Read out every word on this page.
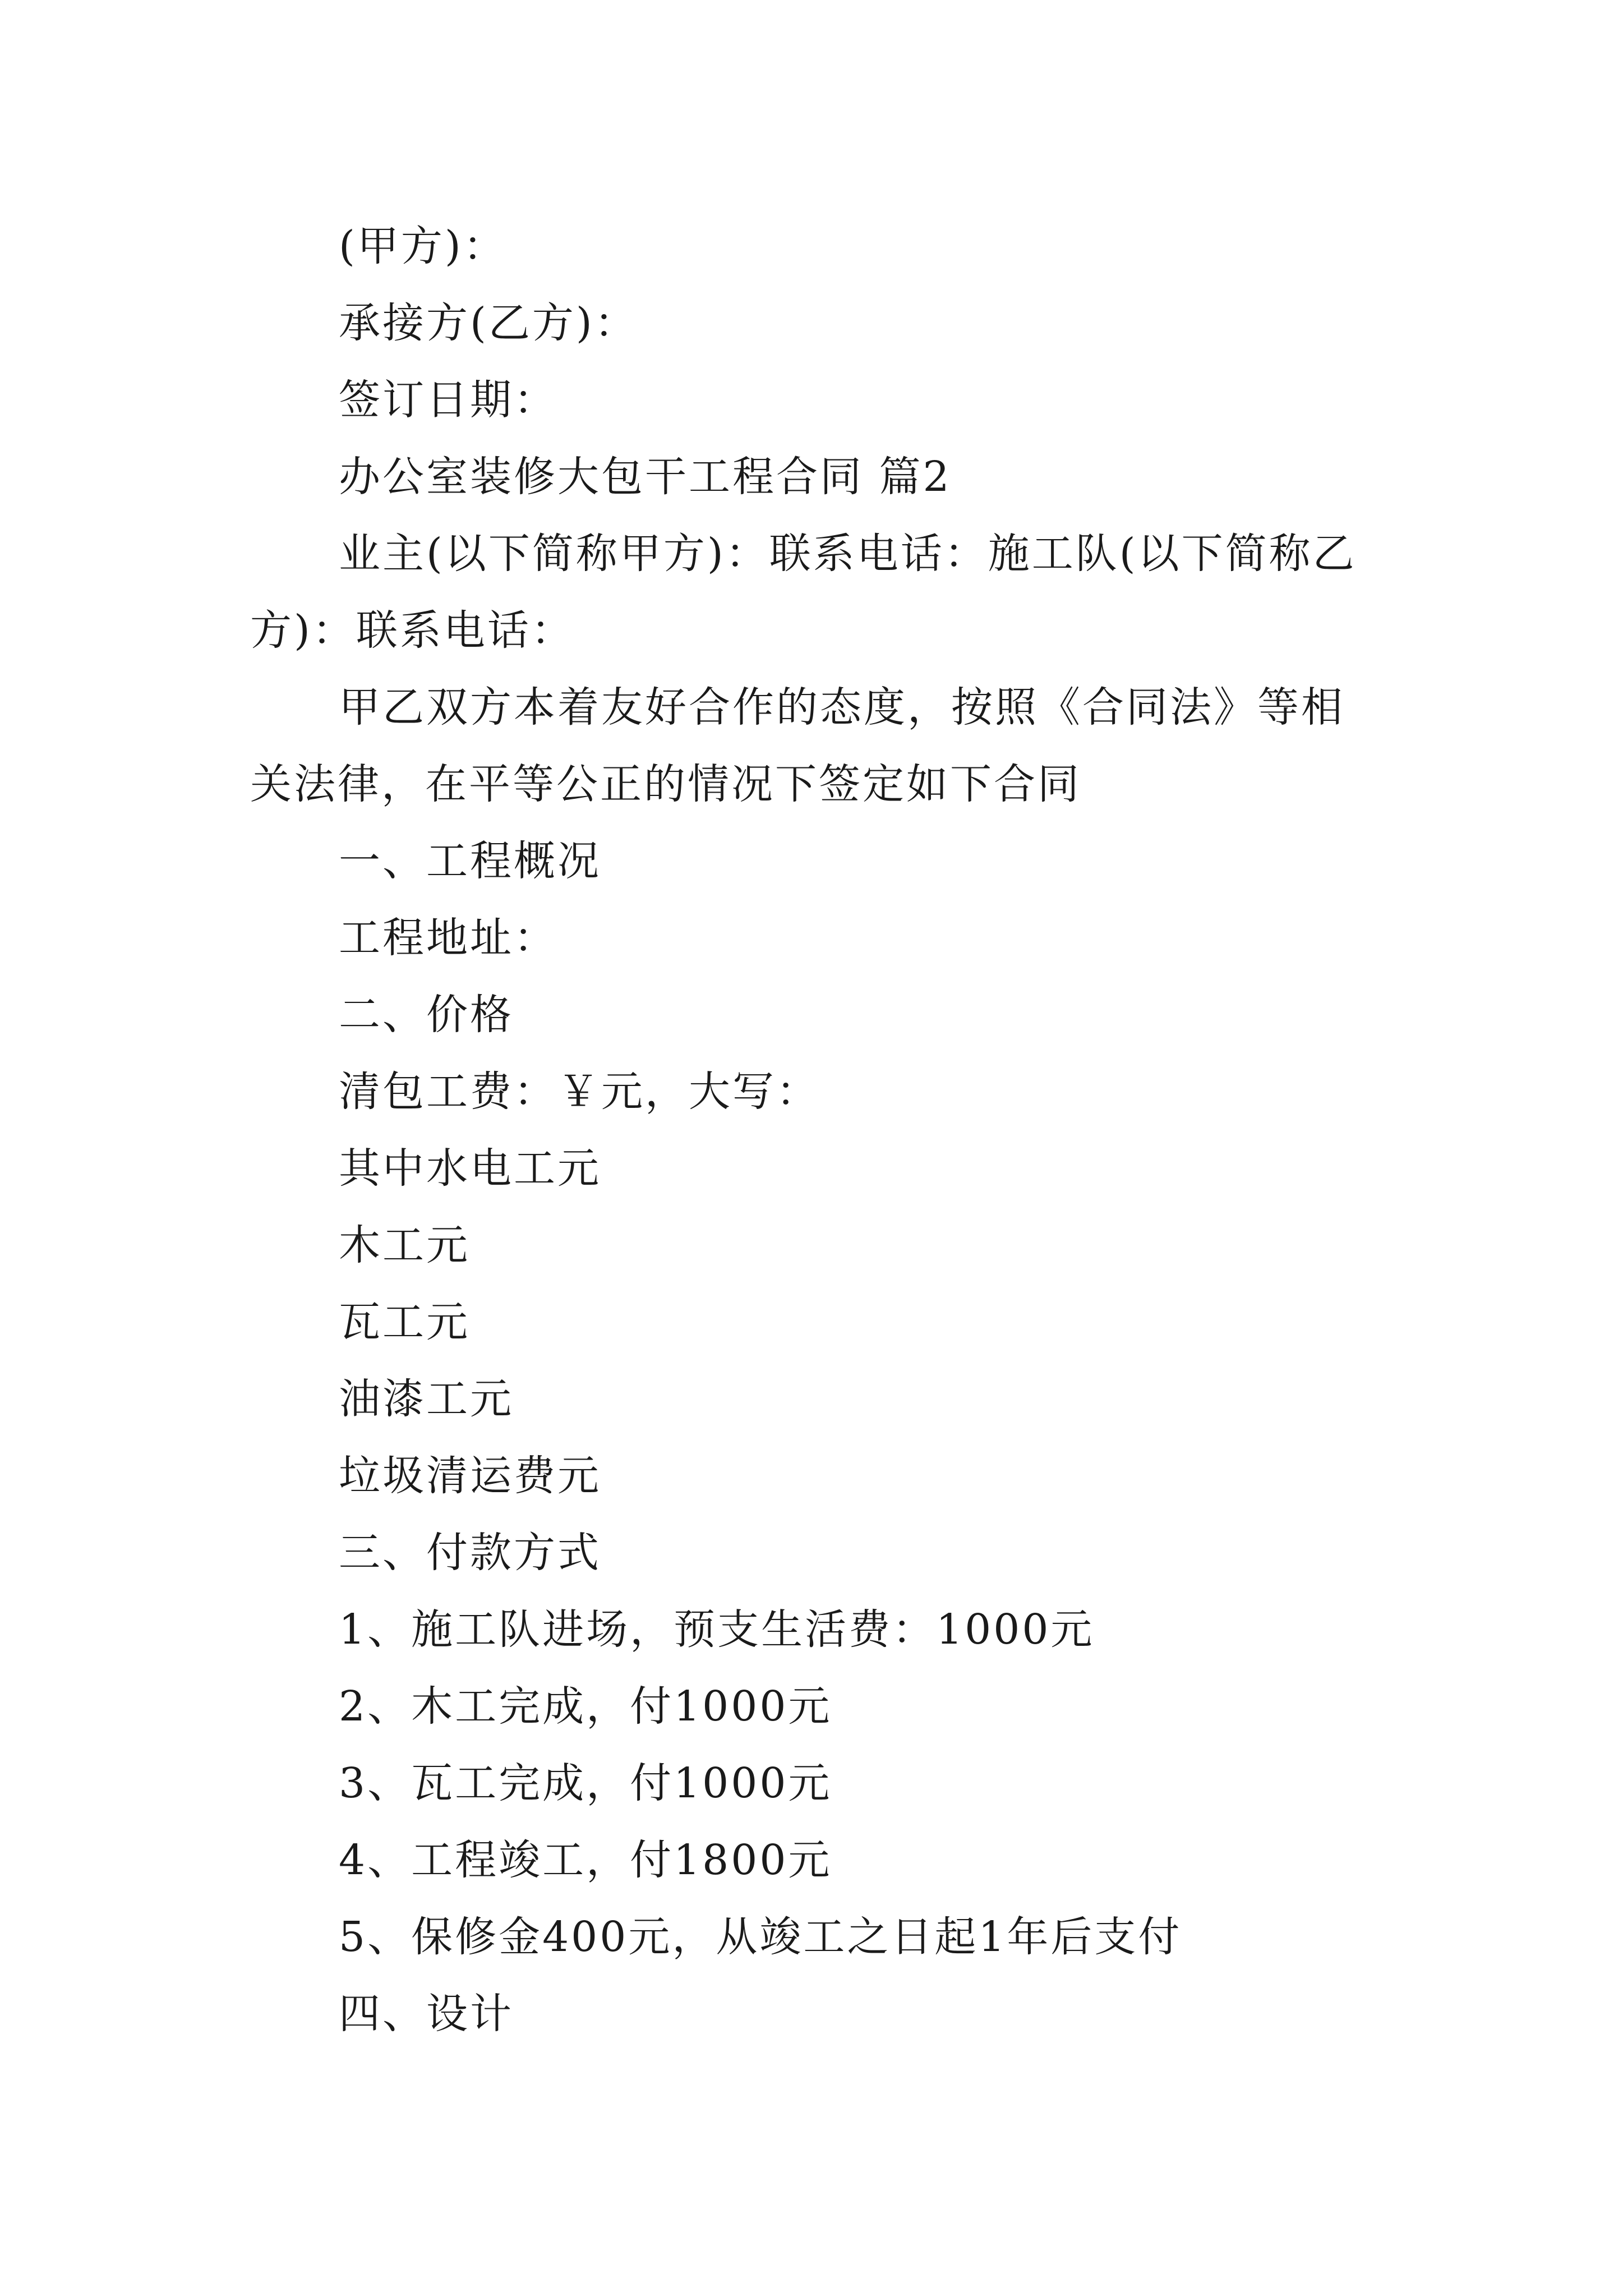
(甲方)：

承接方(乙方)：

签订日期：

办公室装修大包干工程合同 篇2

业主(以下简称甲方)：联系电话：施工队(以下简称乙方)：联系电话：

甲乙双方本着友好合作的态度，按照《合同法》等相关法律，在平等公正的情况下签定如下合同

一、工程概况

工程地址：

二、价格

清包工费：￥元，大写：

其中水电工元

木工元

瓦工元

油漆工元

垃圾清运费元

三、付款方式

1、施工队进场，预支生活费：1000元

2、木工完成，付1000元

3、瓦工完成，付1000元

4、工程竣工，付1800元

5、保修金400元，从竣工之日起1年后支付

四、设计
